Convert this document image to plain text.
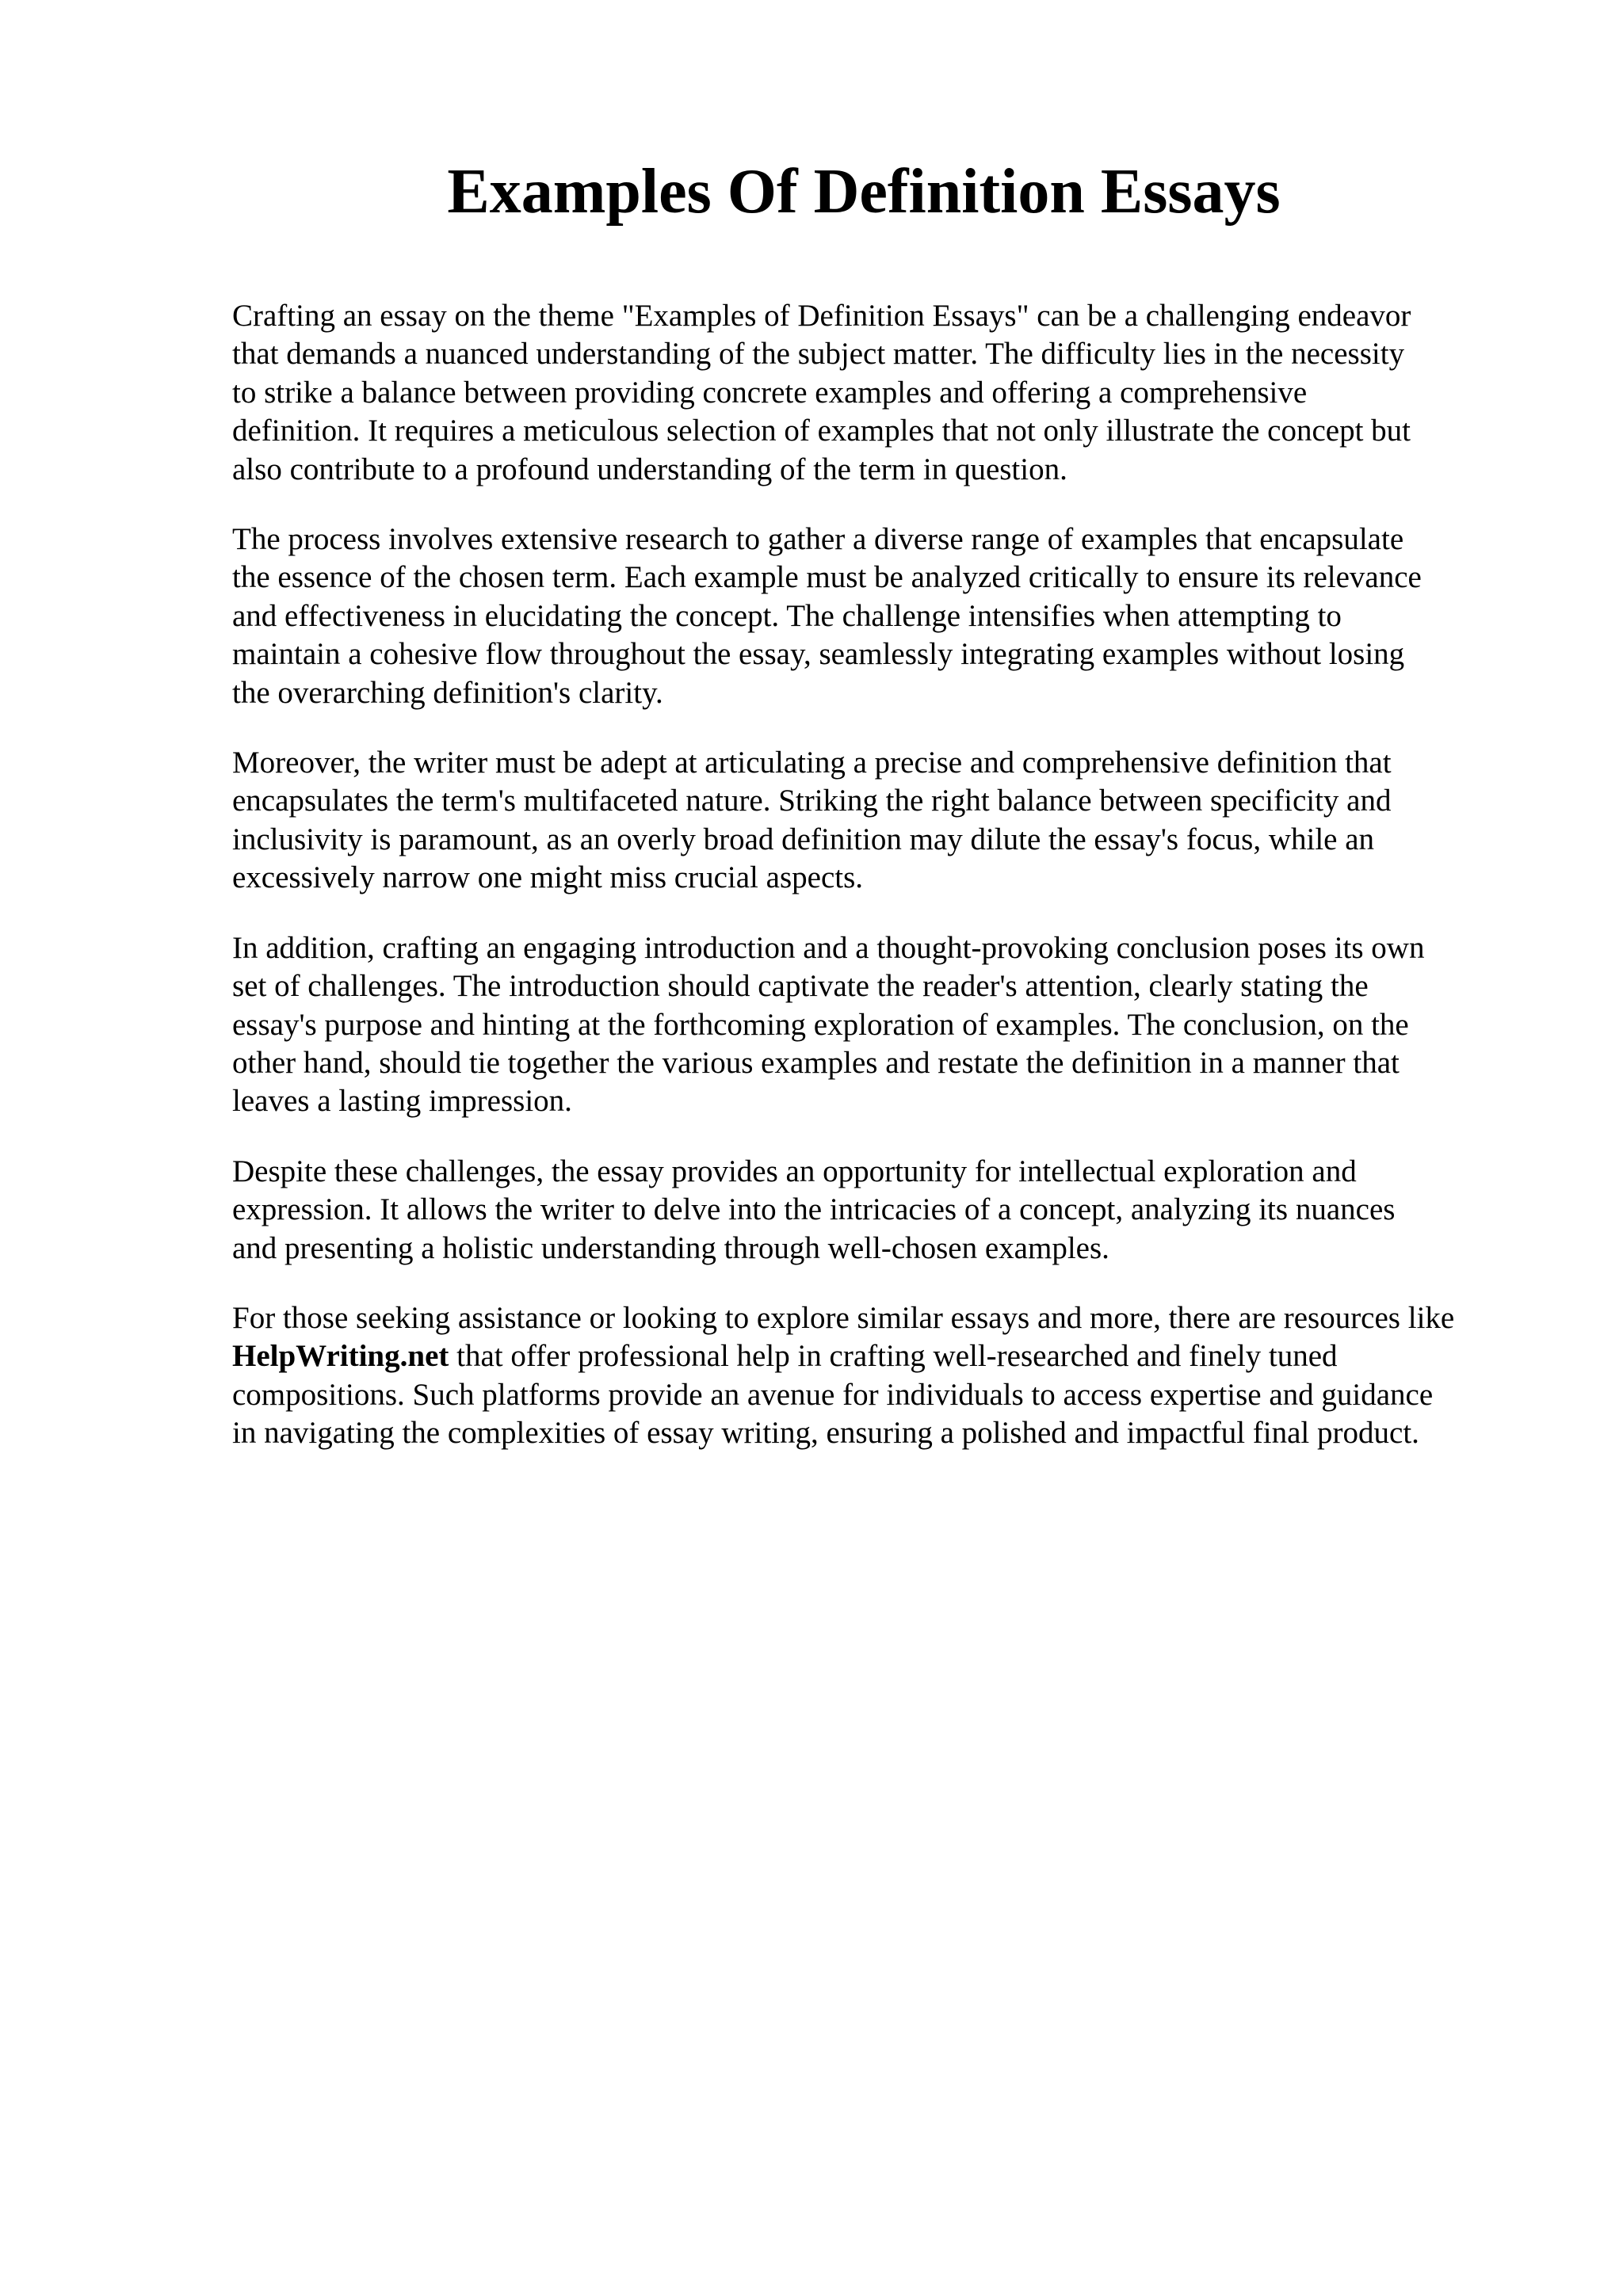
Examples Of Definition Essays

Crafting an essay on the theme "Examples of Definition Essays" can be a challenging endeavor
that demands a nuanced understanding of the subject matter. The difficulty lies in the necessity
to strike a balance between providing concrete examples and offering a comprehensive
definition. It requires a meticulous selection of examples that not only illustrate the concept but
also contribute to a profound understanding of the term in question.

The process involves extensive research to gather a diverse range of examples that encapsulate
the essence of the chosen term. Each example must be analyzed critically to ensure its relevance
and effectiveness in elucidating the concept. The challenge intensifies when attempting to
maintain a cohesive flow throughout the essay, seamlessly integrating examples without losing
the overarching definition's clarity.

Moreover, the writer must be adept at articulating a precise and comprehensive definition that
encapsulates the term's multifaceted nature. Striking the right balance between specificity and
inclusivity is paramount, as an overly broad definition may dilute the essay's focus, while an
excessively narrow one might miss crucial aspects.

In addition, crafting an engaging introduction and a thought-provoking conclusion poses its own
set of challenges. The introduction should captivate the reader's attention, clearly stating the
essay's purpose and hinting at the forthcoming exploration of examples. The conclusion, on the
other hand, should tie together the various examples and restate the definition in a manner that
leaves a lasting impression.

Despite these challenges, the essay provides an opportunity for intellectual exploration and
expression. It allows the writer to delve into the intricacies of a concept, analyzing its nuances
and presenting a holistic understanding through well-chosen examples.

For those seeking assistance or looking to explore similar essays and more, there are resources like
HelpWriting.net that offer professional help in crafting well-researched and finely tuned
compositions. Such platforms provide an avenue for individuals to access expertise and guidance
in navigating the complexities of essay writing, ensuring a polished and impactful final product.
